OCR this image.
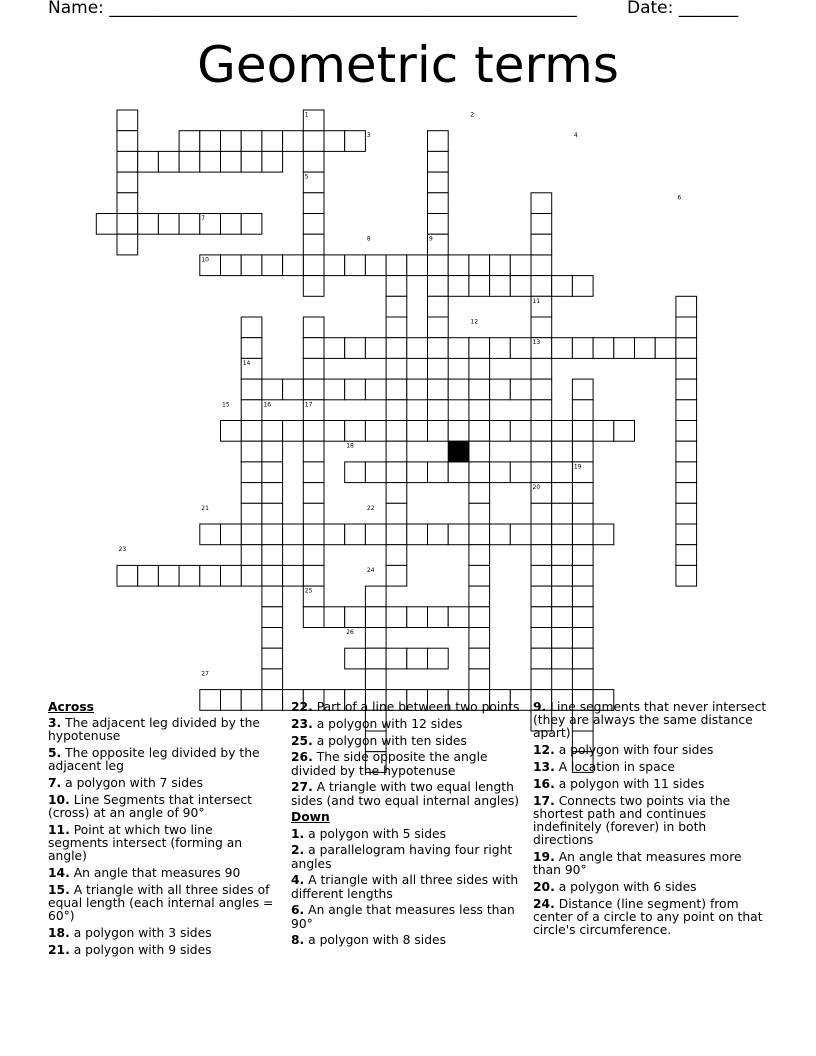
Name: _______________________________________________________	Date: _______
Geometric terms
1	2
3	4
5
6
7
8	9
10
11
12
13
14
15	16	17
18
19
20
21	22
23
24
25
26
27
Across
3. The adjacent leg divided by the hypotenuse
5. The opposite leg divided by the adjacent leg
7. a polygon with 7 sides
10. Line Segments that intersect (cross) at an angle of 90°
11. Point at which two line segments intersect (forming an angle)
14. An angle that measures 90
15. A triangle with all three sides of equal length (each internal angles = 60°)
18. a polygon with 3 sides
21. a polygon with 9 sides
22. Part of a line between two points
23. a polygon with 12 sides
25. a polygon with ten sides
26. The side opposite the angle divided by the hypotenuse
27. A triangle with two equal length sides (and two equal internal angles)
Down
1. a polygon with 5 sides
2. a parallelogram having four right angles
4. A triangle with all three sides with different lengths
6. An angle that measures less than 90°
8. a polygon with 8 sides
9. Line segments that never intersect (they are always the same distance apart)
12. a polygon with four sides
13. A location in space
16. a polygon with 11 sides
17. Connects two points via the shortest path and continues indefinitely (forever) in both directions
19. An angle that measures more than 90°
20. a polygon with 6 sides
24. Distance (line segment) from center of a circle to any point on that circle's circumference.
